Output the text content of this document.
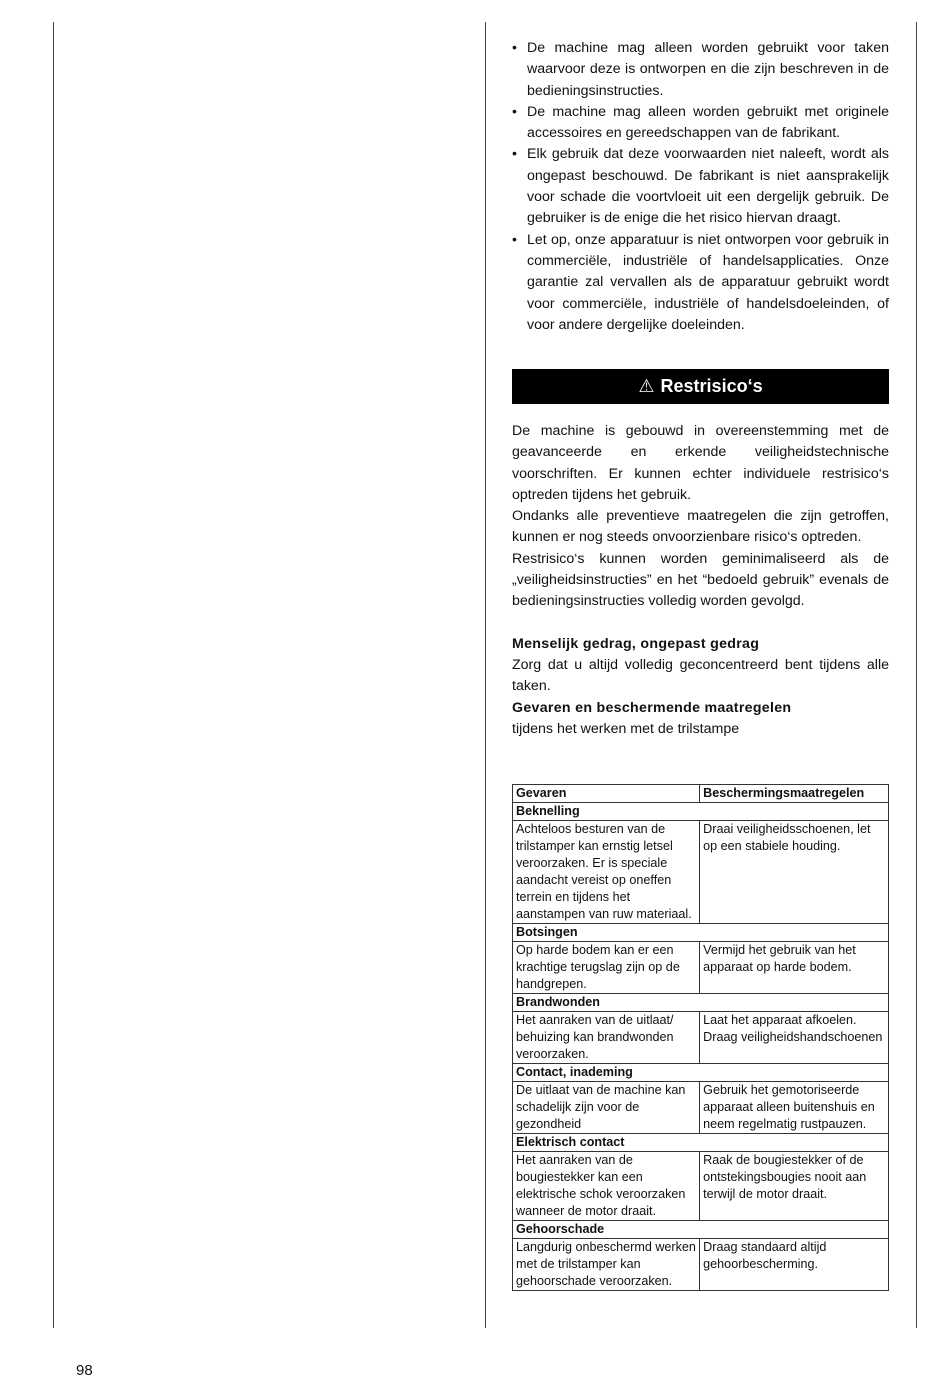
• De machine mag alleen worden gebruikt voor taken waarvoor deze is ontworpen en die zijn beschreven in de bedieningsinstructies.
• De machine mag alleen worden gebruikt met originele accessoires en gereedschappen van de fabrikant.
• Elk gebruik dat deze voorwaarden niet naleeft, wordt als ongepast beschouwd. De fabrikant is niet aansprakelijk voor schade die voortvloeit uit een dergelijk gebruik. De gebruiker is de enige die het risico hiervan draagt.
• Let op, onze apparatuur is niet ontworpen voor gebruik in commerciële, industriële of handelsapplicaties. Onze garantie zal vervallen als de apparatuur gebruikt wordt voor commerciële, industriële of handelsdoeleinden, of voor andere dergelijke doeleinden.
⚠ Restrisico‘s

De machine is gebouwd in overeenstemming met de geavanceerde en erkende veiligheidstechnische voorschriften. Er kunnen echter individuele restrisico‘s optreden tijdens het gebruik.

Ondanks alle preventieve maatregelen die zijn getroffen, kunnen er nog steeds onvoorzienbare risico‘s optreden.

Restrisico‘s kunnen worden geminimaliseerd als de „veiligheidsinstructies” en het “bedoeld gebruik” evenals de bedieningsinstructies volledig worden gevolgd.

Menselijk gedrag, ongepast gedrag

Zorg dat u altijd volledig geconcentreerd bent tijdens alle taken.

Gevaren en beschermende maatregelen

tijdens het werken met de trilstampe

Gevaren	Beschermingsmaatregelen
Beknelling	
Achteloos besturen van de trilstamper kan ernstig letsel veroorzaken. Er is speciale aandacht vereist op oneffen terrein en tijdens het aanstampen van ruw materiaal.	Draai veiligheidsschoenen, let op een stabiele houding.
Botsingen	
Op harde bodem kan er een krachtige terugslag zijn op de handgrepen.	Vermijd het gebruik van het apparaat op harde bodem.
Brandwonden	
Het aanraken van de uitlaat/ behuizing kan brandwonden veroorzaken.	Laat het apparaat afkoelen. Draag veiligheidshandschoenen
Contact, inademing	
De uitlaat van de machine kan schadelijk zijn voor de gezondheid	Gebruik het gemotoriseerde apparaat alleen buitenshuis en neem regelmatig rustpauzen.
Elektrisch contact	
Het aanraken van de bougiestekker kan een elektrische schok veroorzaken wanneer de motor draait.	Raak de bougiestekker of de ontstekingsbougies nooit aan terwijl de motor draait.
Gehoorschade	
Langdurig onbeschermd werken met de trilstamper kan gehoorschade veroorzaken.	Draag standaard altijd gehoorbescherming.
98
